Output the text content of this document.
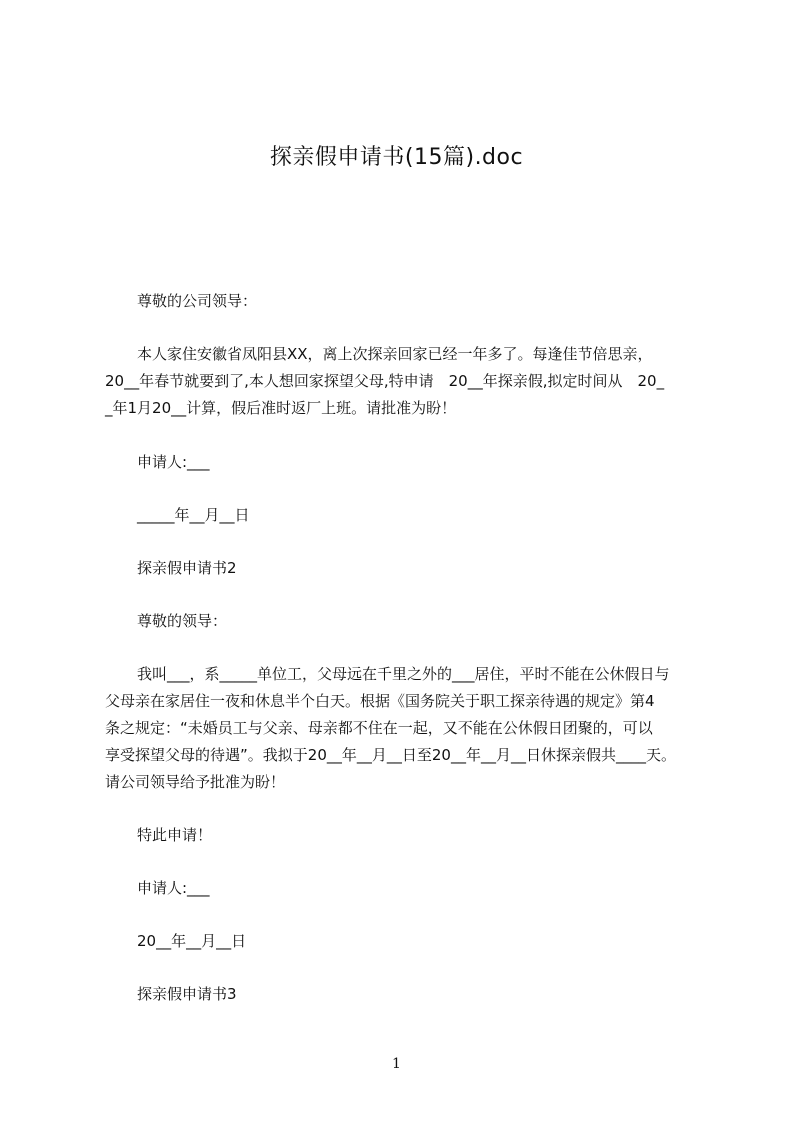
探亲假申请书(15篇).doc
尊敬的公司领导：
本人家住安徽省凤阳县XX，离上次探亲回家已经一年多了。每逢佳节倍思亲，
20__年春节就要到了,本人想回家探望父母,特申请　20__年探亲假,拟定时间从　20_
_年1月20__计算，假后准时返厂上班。请批准为盼！
申请人:___
_____年__月__日
探亲假申请书2
尊敬的领导：
我叫___，系_____单位工，父母远在千里之外的___居住，平时不能在公休假日与
父母亲在家居住一夜和休息半个白天。根据《国务院关于职工探亲待遇的规定》第4
条之规定：“未婚员工与父亲、母亲都不住在一起，又不能在公休假日团聚的，可以
享受探望父母的待遇”。我拟于20__年__月__日至20__年__月__日休探亲假共____天。
请公司领导给予批准为盼！
特此申请！
申请人:___
20__年__月__日
探亲假申请书3
1
